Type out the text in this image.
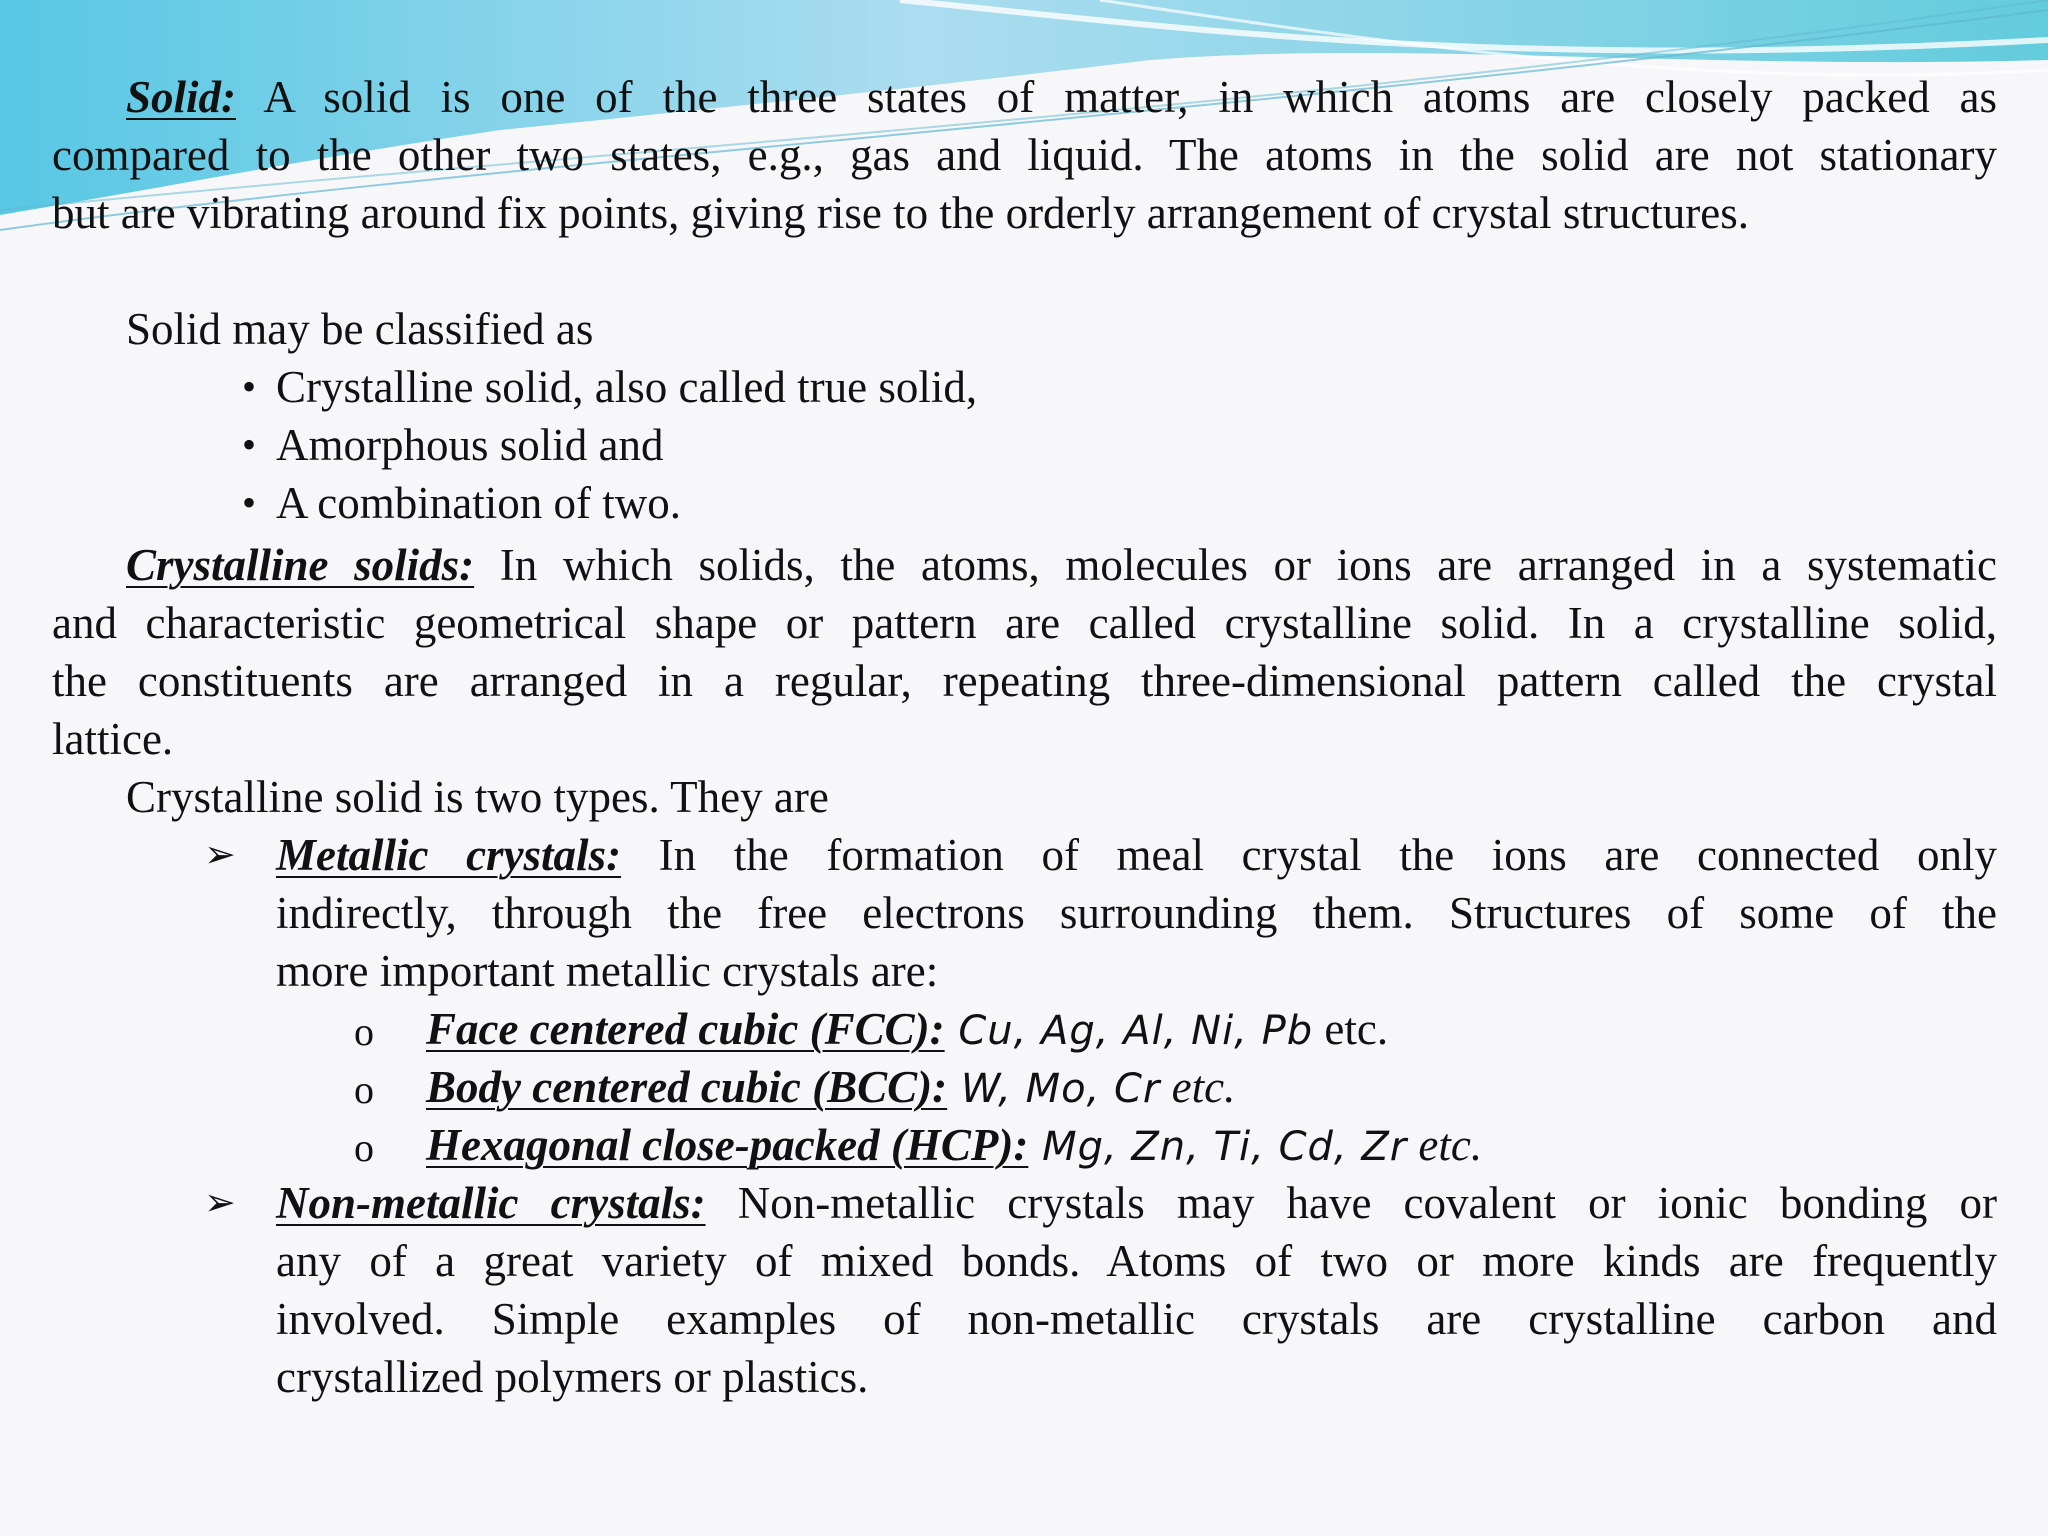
Solid: A solid is one of the three states of matter, in which atoms are closely packed as
compared to the other two states, e.g., gas and liquid. The atoms in the solid are not stationary
but are vibrating around fix points, giving rise to the orderly arrangement of crystal structures.
Solid may be classified as
• Crystalline solid, also called true solid,
• Amorphous solid and
• A combination of two.
Crystalline solids: In which solids, the atoms, molecules or ions are arranged in a systematic
and characteristic geometrical shape or pattern are called crystalline solid. In a crystalline solid,
the constituents are arranged in a regular, repeating three-dimensional pattern called the crystal
lattice.
Crystalline solid is two types. They are
➢ Metallic crystals: In the formation of meal crystal the ions are connected only
indirectly, through the free electrons surrounding them. Structures of some of the
more important metallic crystals are:
o Face centered cubic (FCC): Cu, Ag, Al, Ni, Pb etc.
o Body centered cubic (BCC): W, Mo, Cr etc.
o Hexagonal close-packed (HCP): Mg, Zn, Ti, Cd, Zr etc.
➢ Non-metallic crystals: Non-metallic crystals may have covalent or ionic bonding or
any of a great variety of mixed bonds. Atoms of two or more kinds are frequently
involved. Simple examples of non-metallic crystals are crystalline carbon and
crystallized polymers or plastics.
